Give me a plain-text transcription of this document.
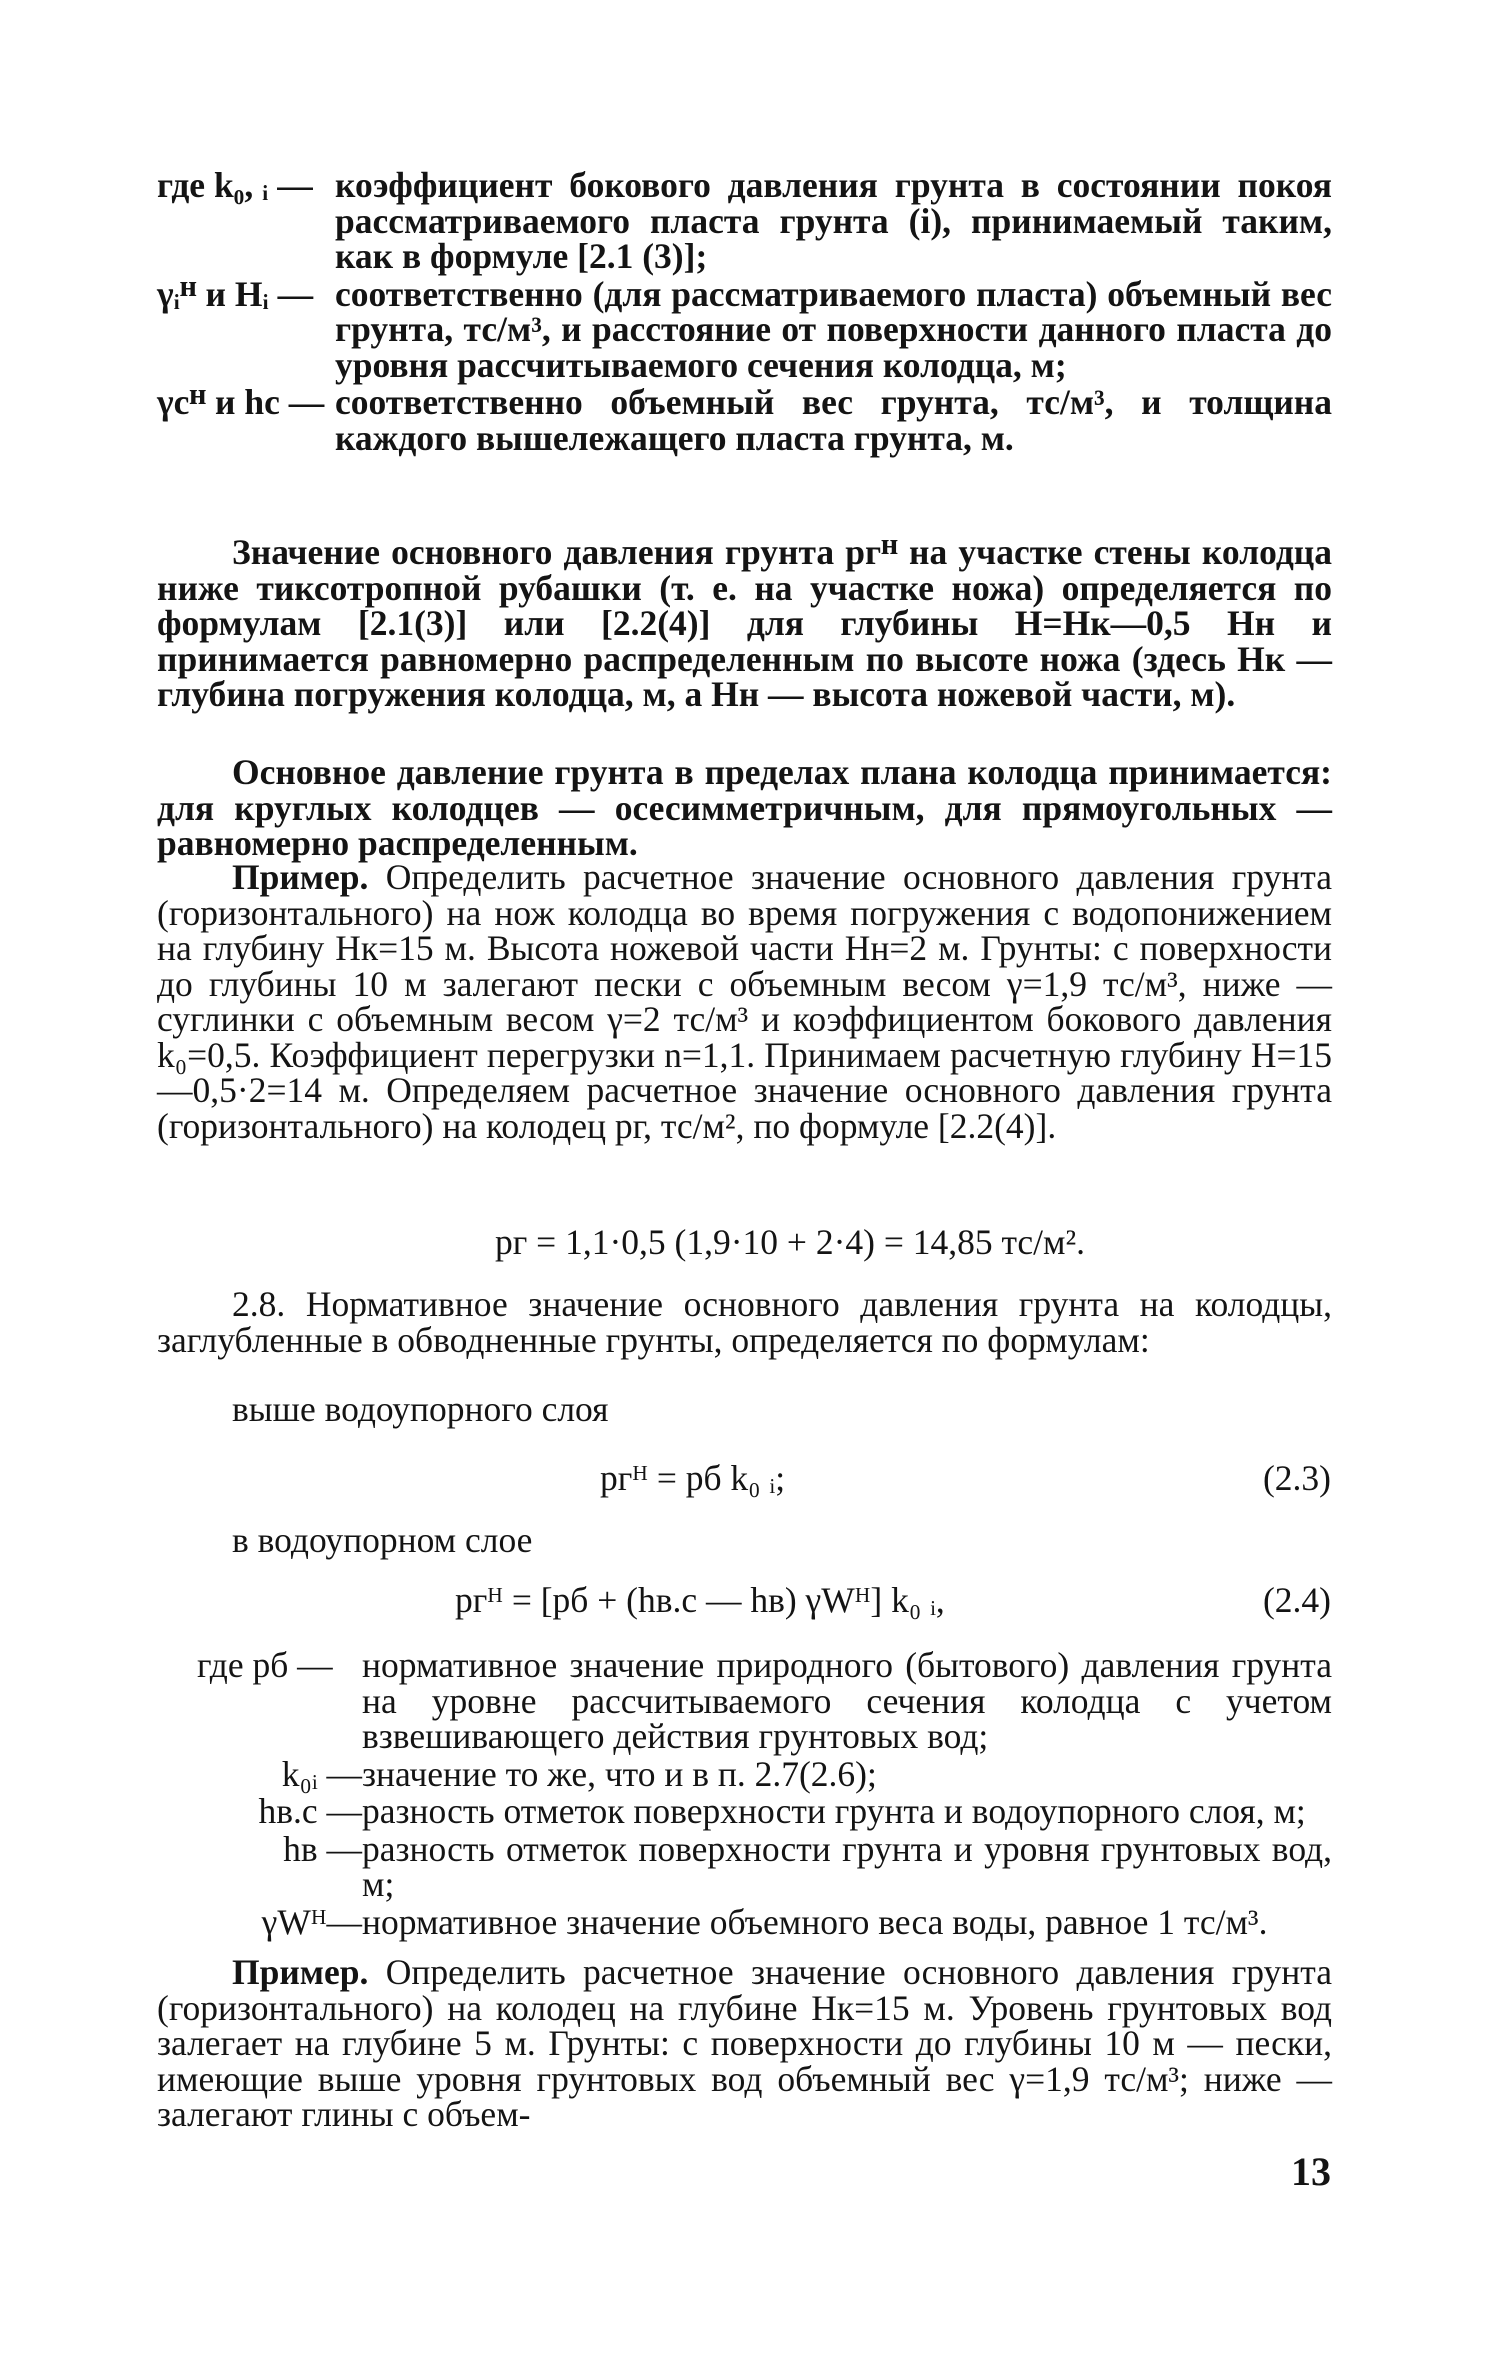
где k₀, ᵢ — коэффициент бокового давления грунта в состоянии покоя рассматриваемого пласта грунта (i), принимаемый таким, как в формуле [2.1 (3)];
γᵢᴴ и Hᵢ — соответственно (для рассматриваемого пласта) объемный вес грунта, тс/м³, и расстояние от поверхности данного пласта до уровня рассчитываемого сечения колодца, м;
γcᴴ и hc — соответственно объемный вес грунта, тс/м³, и толщина каждого вышележащего пласта грунта, м.

Значение основного давления грунта pгᴴ на участке стены колодца ниже тиксотропной рубашки (т. е. на участке ножа) определяется по формулам [2.1(3)] или [2.2(4)] для глубины H=Hк—0,5 Hн и принимается равномерно распределенным по высоте ножа (здесь Hк — глубина погружения колодца, м, а Hн — высота ножевой части, м).

Основное давление грунта в пределах плана колодца принимается: для круглых колодцев — осесимметричным, для прямоугольных — равномерно распределенным.

Пример. Определить расчетное значение основного давления грунта (горизонтального) на нож колодца во время погружения с водопонижением на глубину Hк=15 м. Высота ножевой части Hн=2 м. Грунты: с поверхности до глубины 10 м залегают пески с объемным весом γ=1,9 тс/м³, ниже — суглинки с объемным весом γ=2 тс/м³ и коэффициентом бокового давления k₀=0,5. Коэффициент перегрузки n=1,1. Принимаем расчетную глубину H=15—0,5·2=14 м. Определяем расчетное значение основного давления грунта (горизонтального) на колодец pг, тс/м², по формуле [2.2(4)].

pг = 1,1·0,5 (1,9·10 + 2·4) = 14,85 тс/м².

2.8. Нормативное значение основного давления грунта на колодцы, заглубленные в обводненные грунты, определяется по формулам:

выше водоупорного слоя

pгᴴ = pб k₀ ᵢ;	(2.3)

в водоупорном слое

pгᴴ = [pб + (hв.с — hв) γWᴴ] k₀ ᵢ,	(2.4)
где pб — нормативное значение природного (бытового) давления грунта на уровне рассчитываемого сечения колодца с учетом взвешивающего действия грунтовых вод;
k₀ᵢ — значение то же, что и в п. 2.7(2.6);
hв.с — разность отметок поверхности грунта и водоупорного слоя, м;
hв — разность отметок поверхности грунта и уровня грунтовых вод, м;
γWᴴ— нормативное значение объемного веса воды, равное 1 тс/м³.

Пример. Определить расчетное значение основного давления грунта (горизонтального) на колодец на глубине Hк=15 м. Уровень грунтовых вод залегает на глубине 5 м. Грунты: с поверхности до глубины 10 м — пески, имеющие выше уровня грунтовых вод объемный вес γ=1,9 тс/м³; ниже — залегают глины с объем-

13
